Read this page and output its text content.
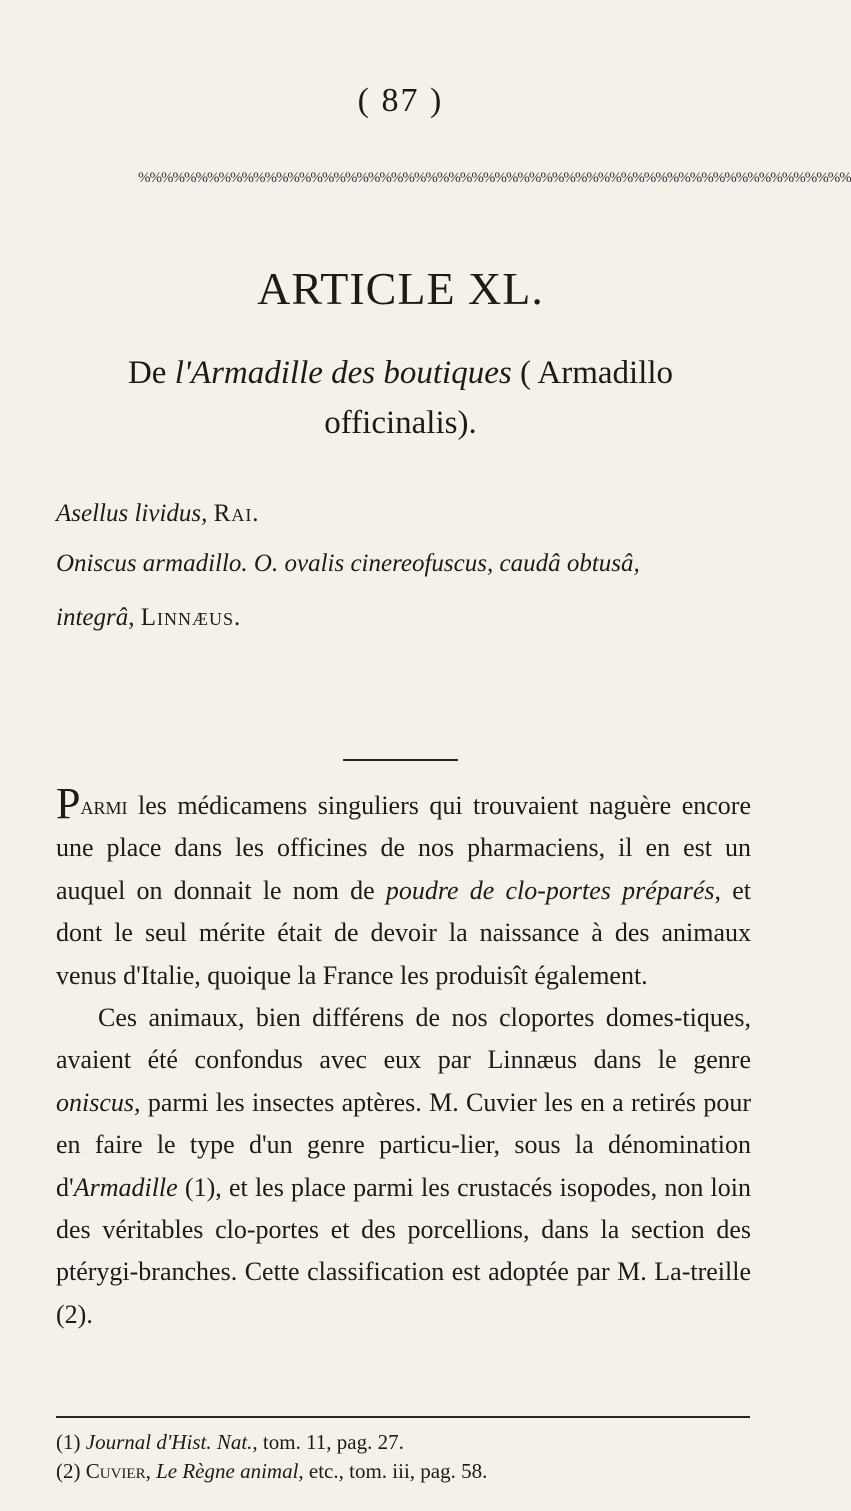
( 87 )
%%%%%%%%%%%%%%%%%%%%%%%%%%%%%%%%%%%%%%%%%%%%%%%%%%%%%%%%%%%%%%
ARTICLE XL.
De l'Armadille des boutiques ( Armadillo officinalis).
Asellus lividus, Rai.
Oniscus armadillo. O. ovalis cinereofuscus, caudâ obtusâ,
integrâ, Linnæus.

Parmi les médicamens singuliers qui trouvaient naguère encore une place dans les officines de nos pharmaciens, il en est un auquel on donnait le nom de poudre de clo-portes préparés, et dont le seul mérite était de devoir la naissance à des animaux venus d'Italie, quoique la France les produisît également.

Ces animaux, bien différens de nos cloportes domes-tiques, avaient été confondus avec eux par Linnæus dans le genre oniscus, parmi les insectes aptères. M. Cuvier les en a retirés pour en faire le type d'un genre particu-lier, sous la dénomination d'Armadille (1), et les place parmi les crustacés isopodes, non loin des véritables clo-portes et des porcellions, dans la section des ptérygi-branches. Cette classification est adoptée par M. La-treille (2).

(1) Journal d'Hist. Nat., tom. 11, pag. 27.
(2) Cuvier, Le Règne animal, etc., tom. iii, pag. 58.
